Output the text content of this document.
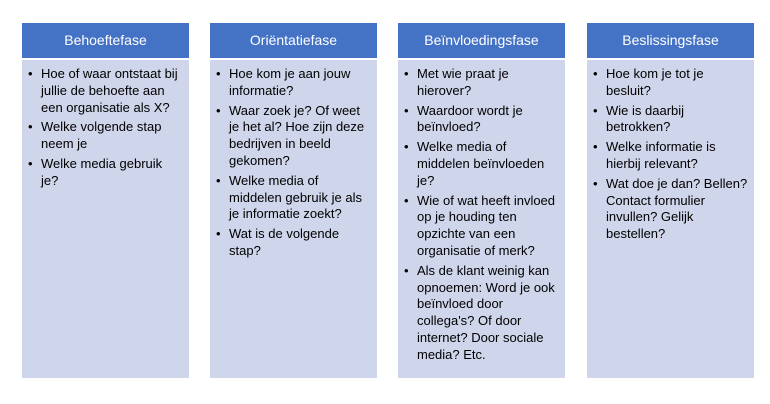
Behoeftefase
• Hoe of waar ontstaat bij jullie de behoefte aan een organisatie als X?
• Welke volgende stap neem je
• Welke media gebruik je?
Oriëntatiefase
• Hoe kom je aan jouw informatie?
• Waar zoek je? Of weet je het al? Hoe zijn deze bedrijven in beeld gekomen?
• Welke media of middelen gebruik je als je informatie zoekt?
• Wat is de volgende stap?
Beïnvloedingsfase
• Met wie praat je hierover?
• Waardoor wordt je beïnvloed?
• Welke media of middelen beïnvloeden je?
• Wie of wat heeft invloed op je houding ten opzichte van een organisatie of merk?
• Als de klant weinig kan opnoemen: Word je ook beïnvloed door collega's? Of door internet? Door sociale media? Etc.
Beslissingsfase
• Hoe kom je tot je besluit?
• Wie is daarbij betrokken?
• Welke informatie is hierbij relevant?
• Wat doe je dan? Bellen? Contact formulier invullen? Gelijk bestellen?
